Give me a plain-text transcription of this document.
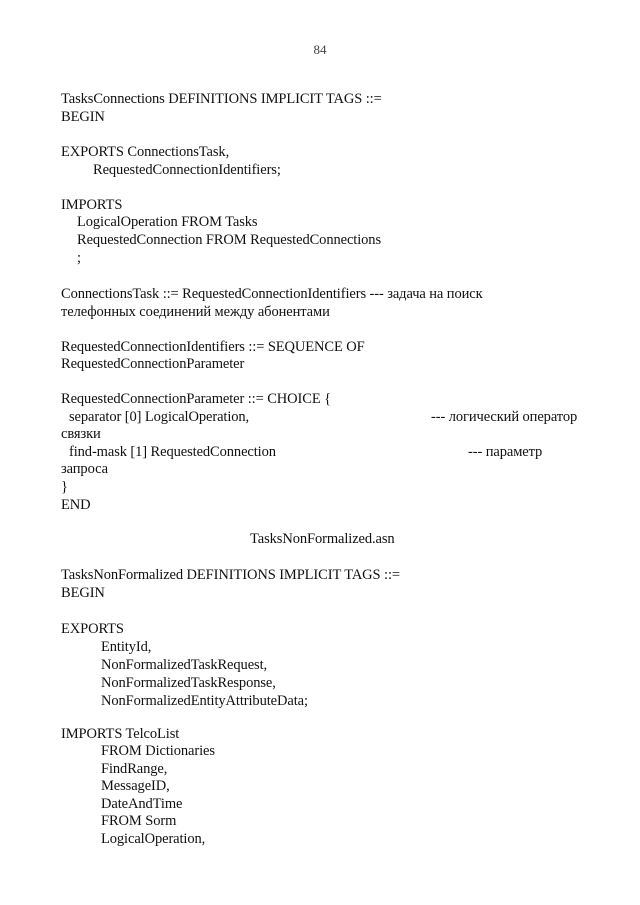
84
TasksConnections DEFINITIONS IMPLICIT TAGS ::=
BEGIN
EXPORTS ConnectionsTask,
RequestedConnectionIdentifiers;
IMPORTS
LogicalOperation FROM Tasks
RequestedConnection FROM RequestedConnections
;
ConnectionsTask ::= RequestedConnectionIdentifiers --- задача на поиск
телефонных соединений между абонентами
RequestedConnectionIdentifiers ::= SEQUENCE OF
RequestedConnectionParameter
RequestedConnectionParameter ::= CHOICE {
separator [0] LogicalOperation,	--- логический оператор
связки
find-mask [1] RequestedConnection	--- параметр
запроса
}
END
TasksNonFormalized.asn
TasksNonFormalized DEFINITIONS IMPLICIT TAGS ::=
BEGIN
EXPORTS
EntityId,
NonFormalizedTaskRequest,
NonFormalizedTaskResponse,
NonFormalizedEntityAttributeData;
IMPORTS TelcoList
FROM Dictionaries
FindRange,
MessageID,
DateAndTime
FROM Sorm
LogicalOperation,
